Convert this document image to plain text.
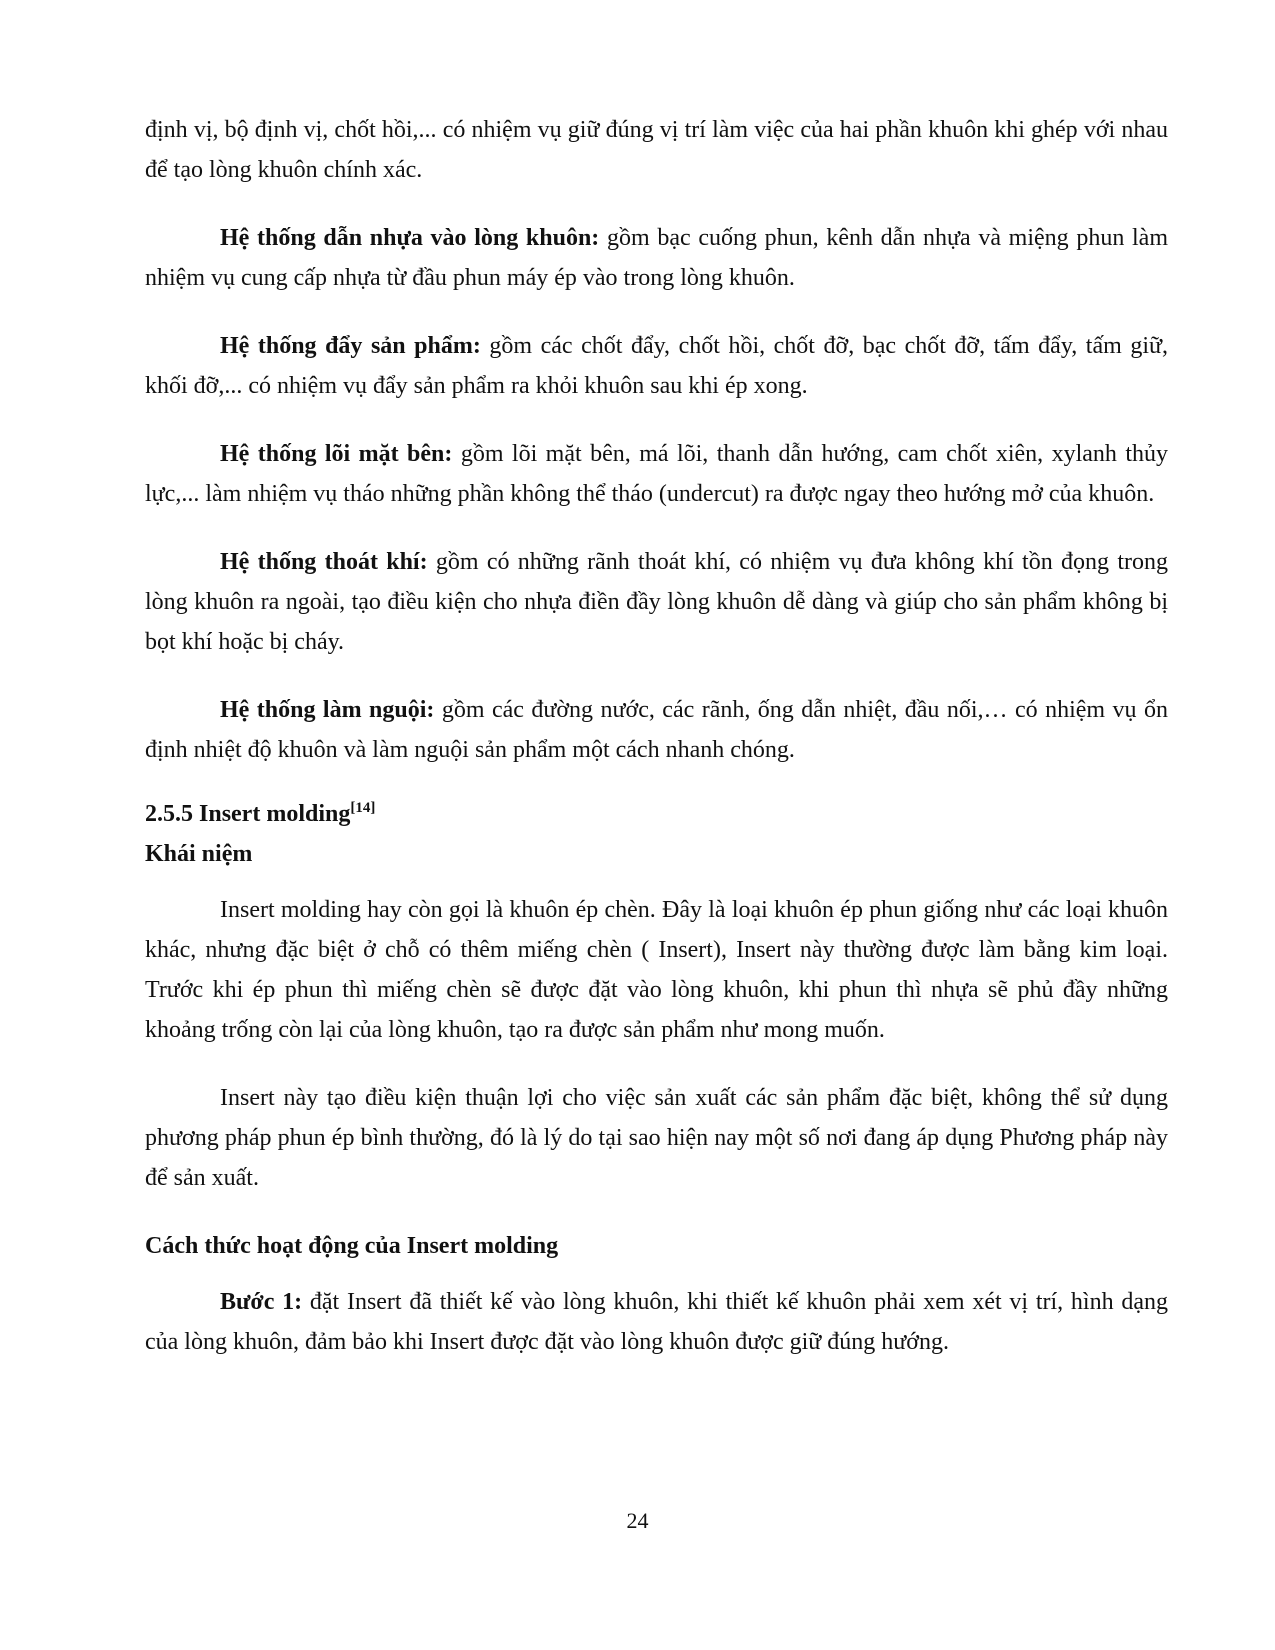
định vị, bộ định vị, chốt hồi,... có nhiệm vụ giữ đúng vị trí làm việc của hai phần khuôn khi ghép với nhau để tạo lòng khuôn chính xác.

Hệ thống dẫn nhựa vào lòng khuôn: gồm bạc cuống phun, kênh dẫn nhựa và miệng phun làm nhiệm vụ cung cấp nhựa từ đầu phun máy ép vào trong lòng khuôn.

Hệ thống đẩy sản phẩm: gồm các chốt đẩy, chốt hồi, chốt đỡ, bạc chốt đỡ, tấm đẩy, tấm giữ, khối đỡ,... có nhiệm vụ đẩy sản phẩm ra khỏi khuôn sau khi ép xong.

Hệ thống lõi mặt bên: gồm lõi mặt bên, má lõi, thanh dẫn hướng, cam chốt xiên, xylanh thủy lực,... làm nhiệm vụ tháo những phần không thể tháo (undercut) ra được ngay theo hướng mở của khuôn.

Hệ thống thoát khí: gồm có những rãnh thoát khí, có nhiệm vụ đưa không khí tồn đọng trong lòng khuôn ra ngoài, tạo điều kiện cho nhựa điền đầy lòng khuôn dễ dàng và giúp cho sản phẩm không bị bọt khí hoặc bị cháy.

Hệ thống làm nguội: gồm các đường nước, các rãnh, ống dẫn nhiệt, đầu nối,… có nhiệm vụ ổn định nhiệt độ khuôn và làm nguội sản phẩm một cách nhanh chóng.

2.5.5 Insert molding[14]
Khái niệm

Insert molding hay còn gọi là khuôn ép chèn. Đây là loại khuôn ép phun giống như các loại khuôn khác, nhưng đặc biệt ở chỗ có thêm miếng chèn ( Insert), Insert này thường được làm bằng kim loại. Trước khi ép phun thì miếng chèn sẽ được đặt vào lòng khuôn, khi phun thì nhựa sẽ phủ đầy những khoảng trống còn lại của lòng khuôn, tạo ra được sản phẩm như mong muốn.

Insert này tạo điều kiện thuận lợi cho việc sản xuất các sản phẩm đặc biệt, không thể sử dụng phương pháp phun ép bình thường, đó là lý do tại sao hiện nay một số nơi đang áp dụng Phương pháp này để sản xuất.

Cách thức hoạt động của Insert molding

Bước 1: đặt Insert đã thiết kế vào lòng khuôn, khi thiết kế khuôn phải xem xét vị trí, hình dạng của lòng khuôn, đảm bảo khi Insert được đặt vào lòng khuôn được giữ đúng hướng.

24
